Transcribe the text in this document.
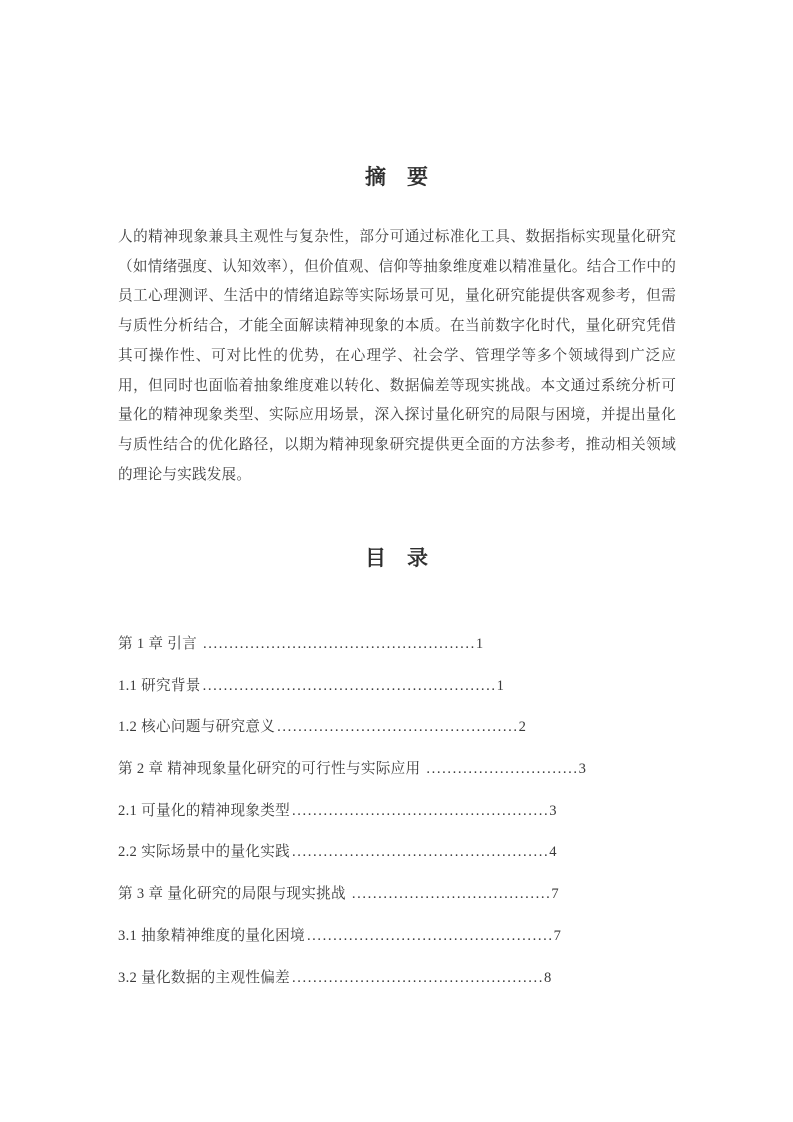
摘　要
人的精神现象兼具主观性与复杂性，部分可通过标准化工具、数据指标实现量化研究（如情绪强度、认知效率），但价值观、信仰等抽象维度难以精准量化。结合工作中的员工心理测评、生活中的情绪追踪等实际场景可见，量化研究能提供客观参考，但需与质性分析结合，才能全面解读精神现象的本质。在当前数字化时代，量化研究凭借其可操作性、可对比性的优势，在心理学、社会学、管理学等多个领域得到广泛应用，但同时也面临着抽象维度难以转化、数据偏差等现实挑战。本文通过系统分析可量化的精神现象类型、实际应用场景，深入探讨量化研究的局限与困境，并提出量化与质性结合的优化路径，以期为精神现象研究提供更全面的方法参考，推动相关领域的理论与实践发展。
目　录
第 1 章 引言 ....................................................1
1.1 研究背景 ........................................................1
1.2 核心问题与研究意义 ..............................................2
第 2 章 精神现象量化研究的可行性与实际应用 .............................3
2.1 可量化的精神现象类型 .................................................3
2.2 实际场景中的量化实践 .................................................4
第 3 章 量化研究的局限与现实挑战 ......................................7
3.1 抽象精神维度的量化困境 ...............................................7
3.2 量化数据的主观性偏差 ................................................8
